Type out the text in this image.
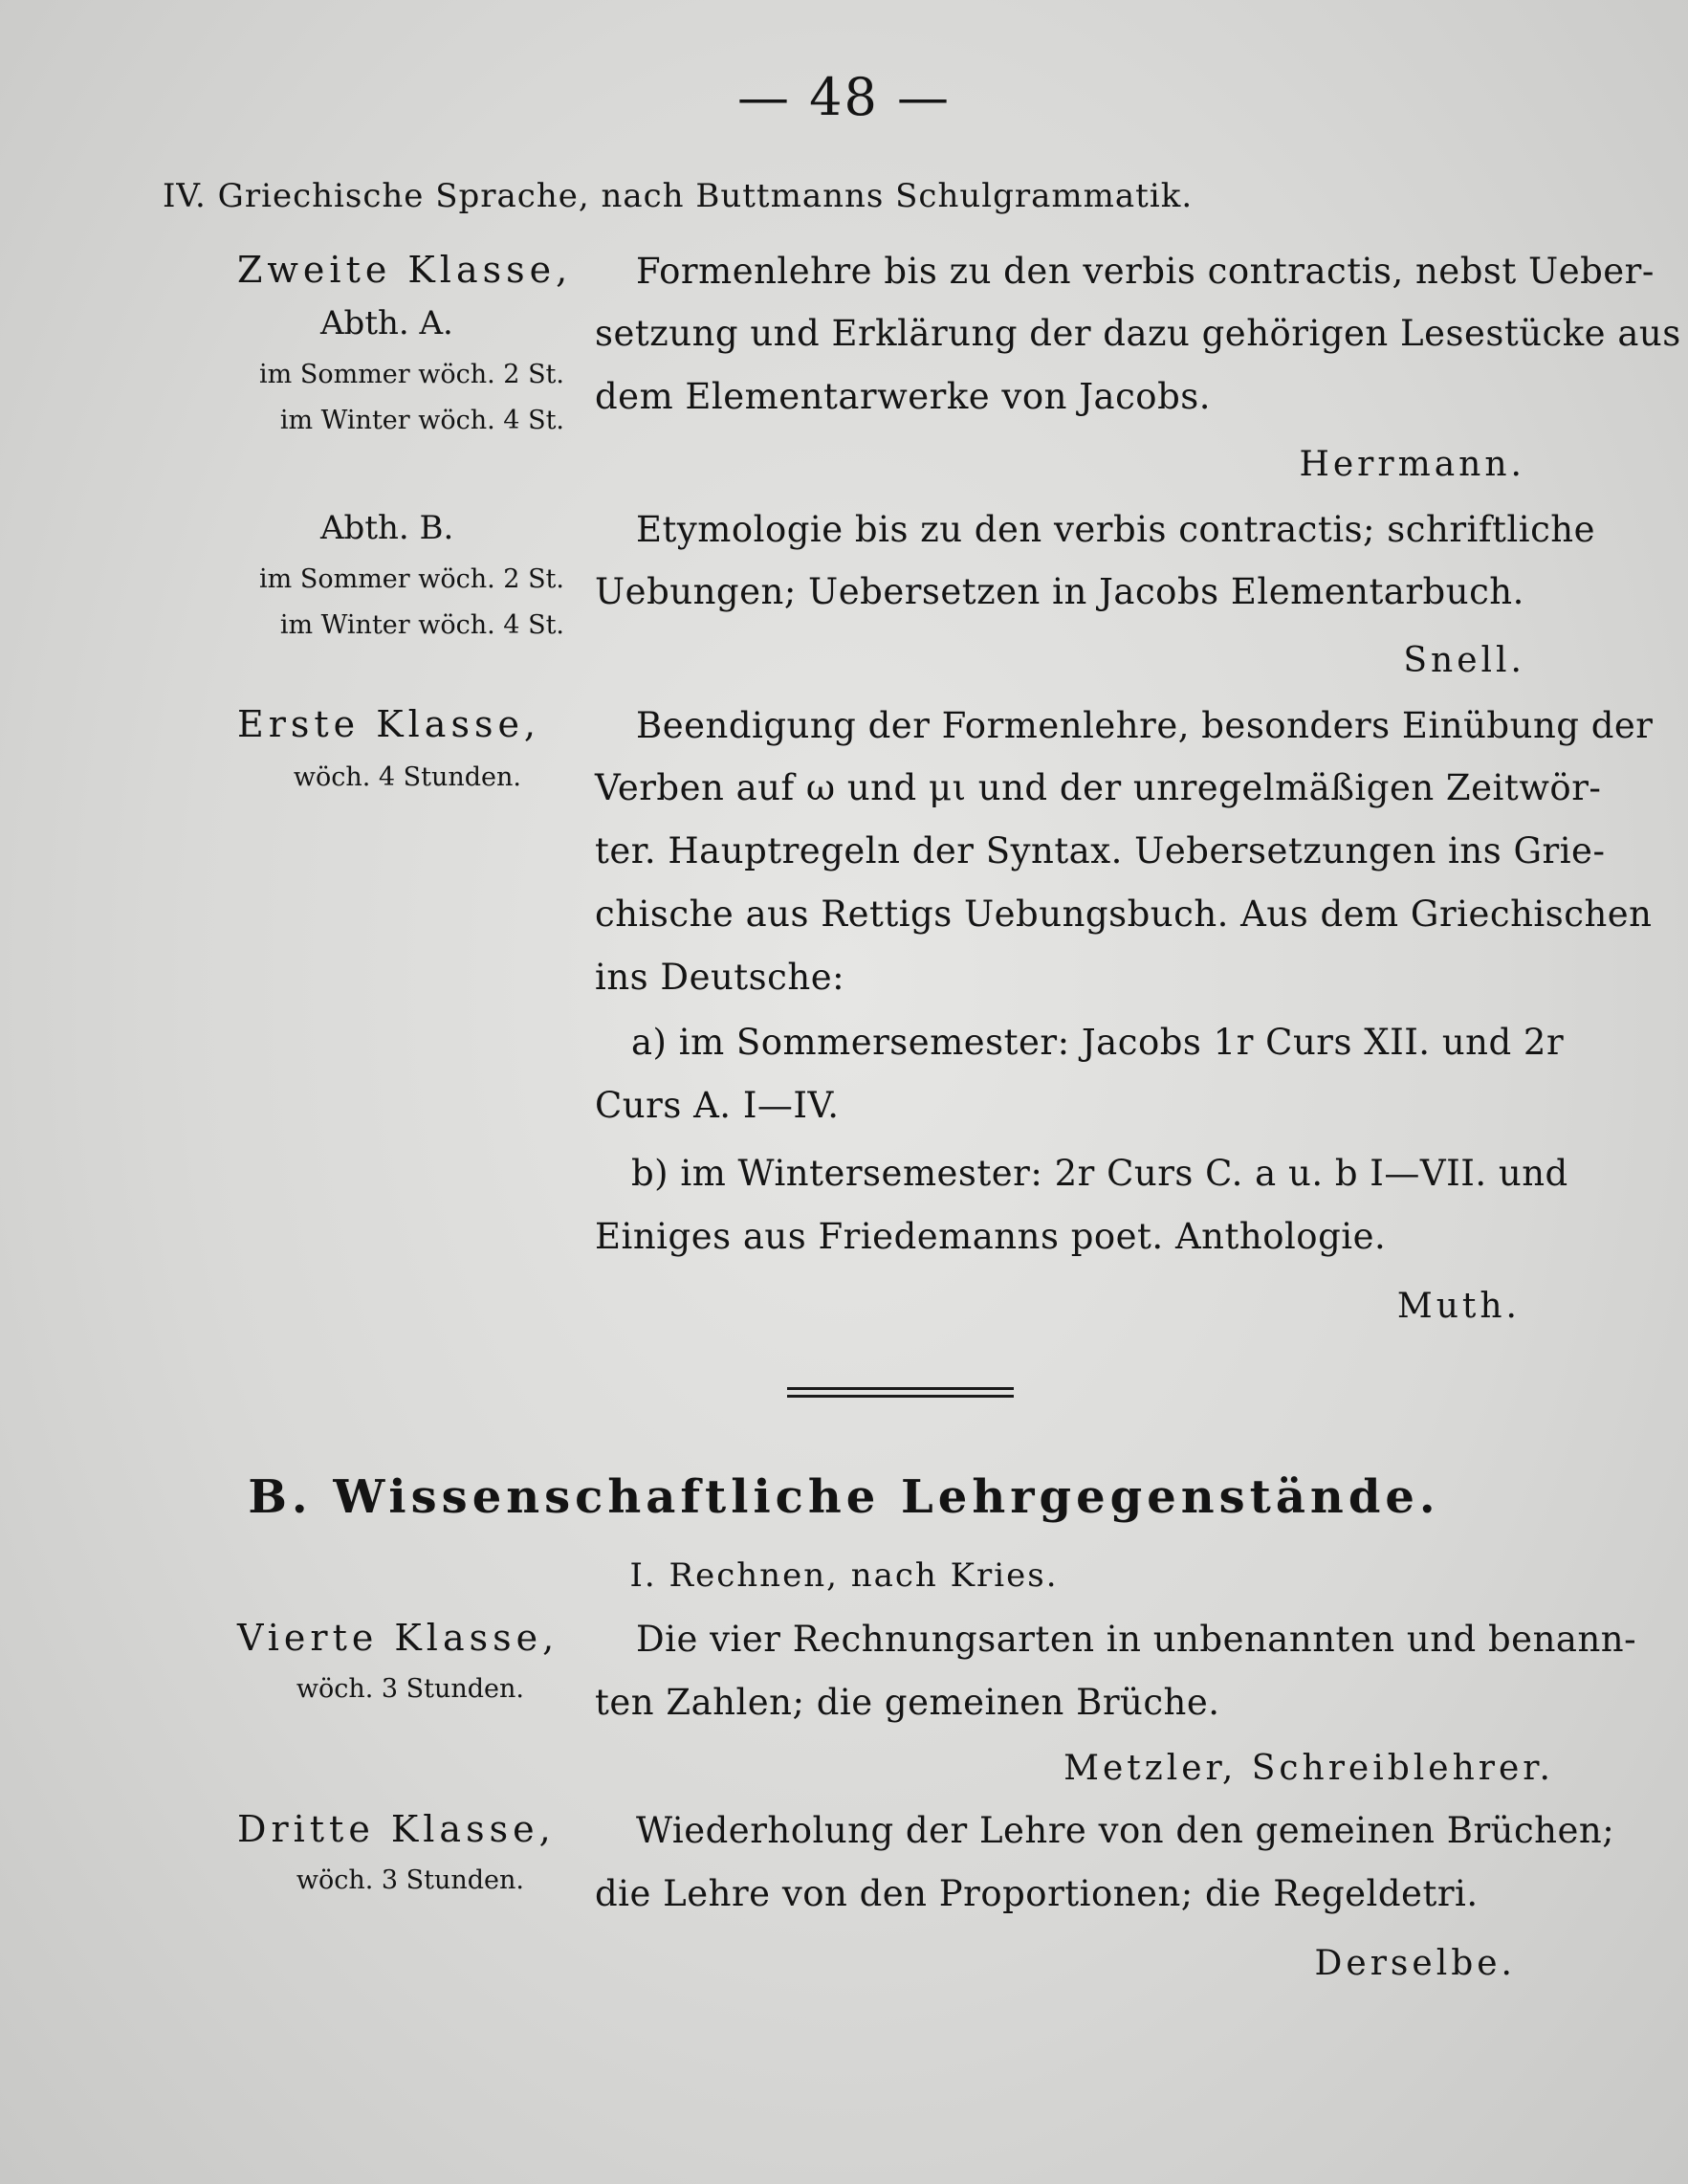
— 48 —
IV. Griechische Sprache, nach Buttmanns Schulgrammatik.
Zweite Klasse,
Abth. A.
im Sommer wöch. 2 St.
im Winter wöch. 4 St.
Formenlehre bis zu den verbis contractis, nebst Ueber-
setzung und Erklärung der dazu gehörigen Lesestücke aus
dem Elementarwerke von Jacobs.
Herrmann.
Abth. B.
im Sommer wöch. 2 St.
im Winter wöch. 4 St.
Etymologie bis zu den verbis contractis; schriftliche
Uebungen; Uebersetzen in Jacobs Elementarbuch.
Snell.
Erste Klasse,
wöch. 4 Stunden.
Beendigung der Formenlehre, besonders Einübung der
Verben auf ω und μι und der unregelmäßigen Zeitwör-
ter. Hauptregeln der Syntax. Uebersetzungen ins Grie-
chische aus Rettigs Uebungsbuch. Aus dem Griechischen
ins Deutsche:
a) im Sommersemester: Jacobs 1r Curs XII. und 2r
Curs A. I—IV.
b) im Wintersemester: 2r Curs C. a u. b I—VII. und
Einiges aus Friedemanns poet. Anthologie.
Muth.
B. Wissenschaftliche Lehrgegenstände.
I. Rechnen, nach Kries.
Vierte Klasse,
wöch. 3 Stunden.
Die vier Rechnungsarten in unbenannten und benann-
ten Zahlen; die gemeinen Brüche.
Metzler, Schreiblehrer.
Dritte Klasse,
wöch. 3 Stunden.
Wiederholung der Lehre von den gemeinen Brüchen;
die Lehre von den Proportionen; die Regeldetri.
Derselbe.
